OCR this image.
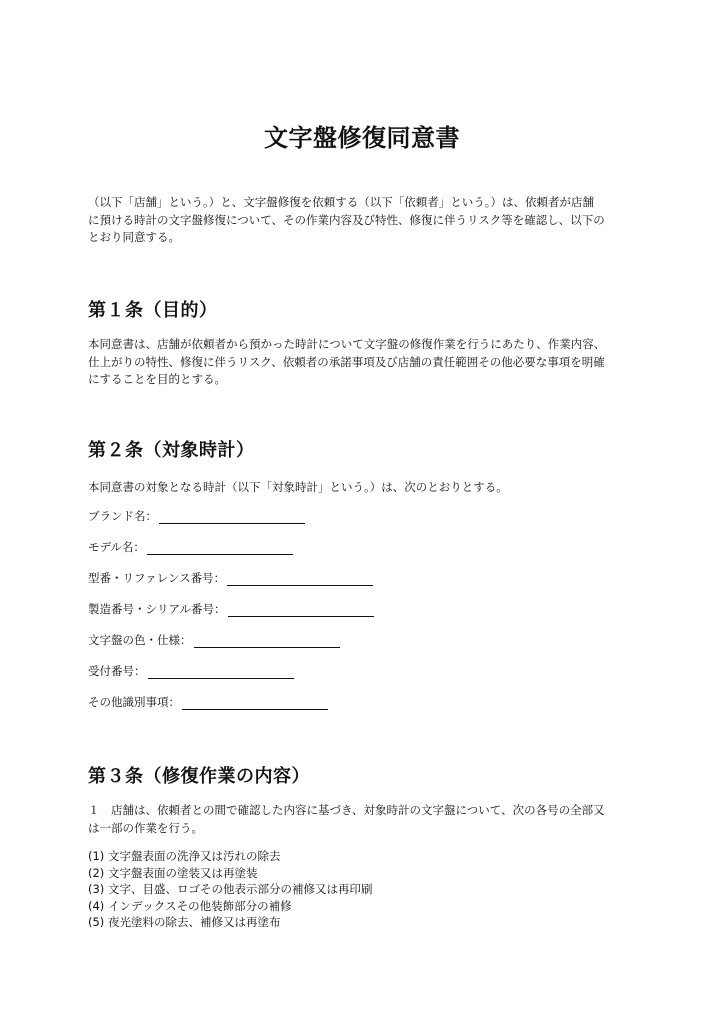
文字盤修復同意書

（以下「店舗」という。）と、文字盤修復を依頼する（以下「依頼者」という。）は、依頼者が店舗
に預ける時計の文字盤修復について、その作業内容及び特性、修復に伴うリスク等を確認し、以下の
とおり同意する。

第１条（目的）

本同意書は、店舗が依頼者から預かった時計について文字盤の修復作業を行うにあたり、作業内容、
仕上がりの特性、修復に伴うリスク、依頼者の承諾事項及び店舗の責任範囲その他必要な事項を明確
にすることを目的とする。

第２条（対象時計）

本同意書の対象となる時計（以下「対象時計」という。）は、次のとおりとする。

ブランド名：
モデル名：
型番・リファレンス番号：
製造番号・シリアル番号：
文字盤の色・仕様：
受付番号：
その他識別事項：
第３条（修復作業の内容）

１　店舗は、依頼者との間で確認した内容に基づき、対象時計の文字盤について、次の各号の全部又
は一部の作業を行う。

(1) 文字盤表面の洗浄又は汚れの除去
(2) 文字盤表面の塗装又は再塗装
(3) 文字、目盛、ロゴその他表示部分の補修又は再印刷
(4) インデックスその他装飾部分の補修
(5) 夜光塗料の除去、補修又は再塗布
